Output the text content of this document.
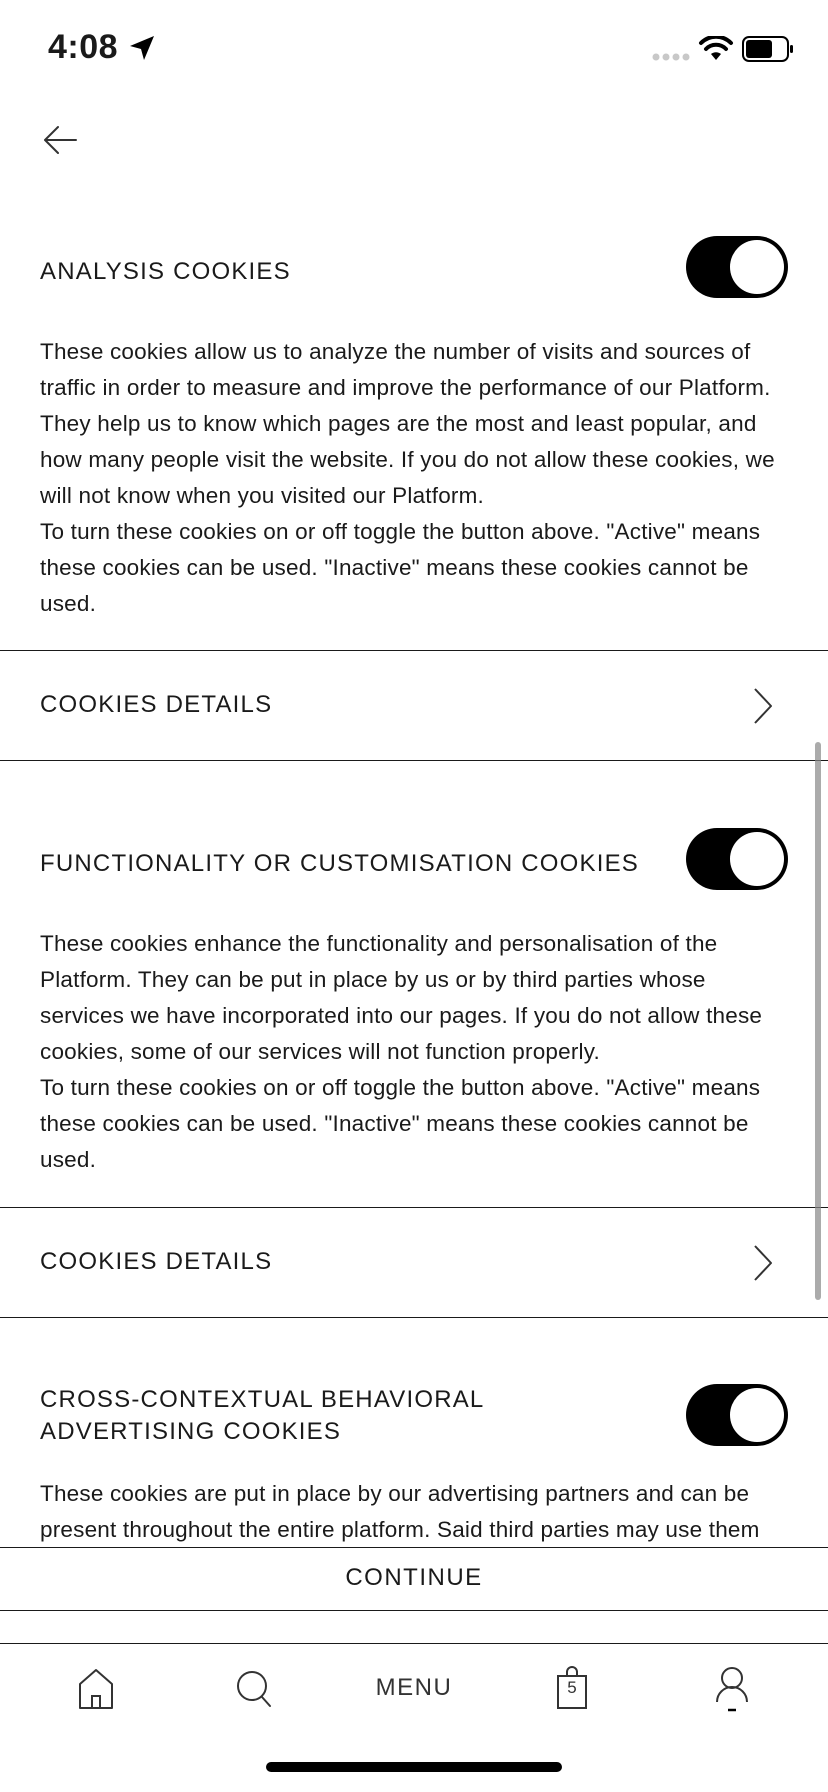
4:08
ANALYSIS COOKIES
These cookies allow us to analyze the number of visits and sources of traffic in order to measure and improve the performance of our Platform. They help us to know which pages are the most and least popular, and how many people visit the website. If you do not allow these cookies, we will not know when you visited our Platform.
To turn these cookies on or off toggle the button above. "Active" means these cookies can be used. "Inactive" means these cookies cannot be used.
COOKIES DETAILS
FUNCTIONALITY OR CUSTOMISATION COOKIES
These cookies enhance the functionality and personalisation of the Platform. They can be put in place by us or by third parties whose services we have incorporated into our pages. If you do not allow these cookies, some of our services will not function properly.
To turn these cookies on or off toggle the button above. "Active" means these cookies can be used. "Inactive" means these cookies cannot be used.
COOKIES DETAILS
CROSS-CONTEXTUAL BEHAVIORAL ADVERTISING COOKIES
These cookies are put in place by our advertising partners and can be present throughout the entire platform. Said third parties may use them
CONTINUE
MENU	5
